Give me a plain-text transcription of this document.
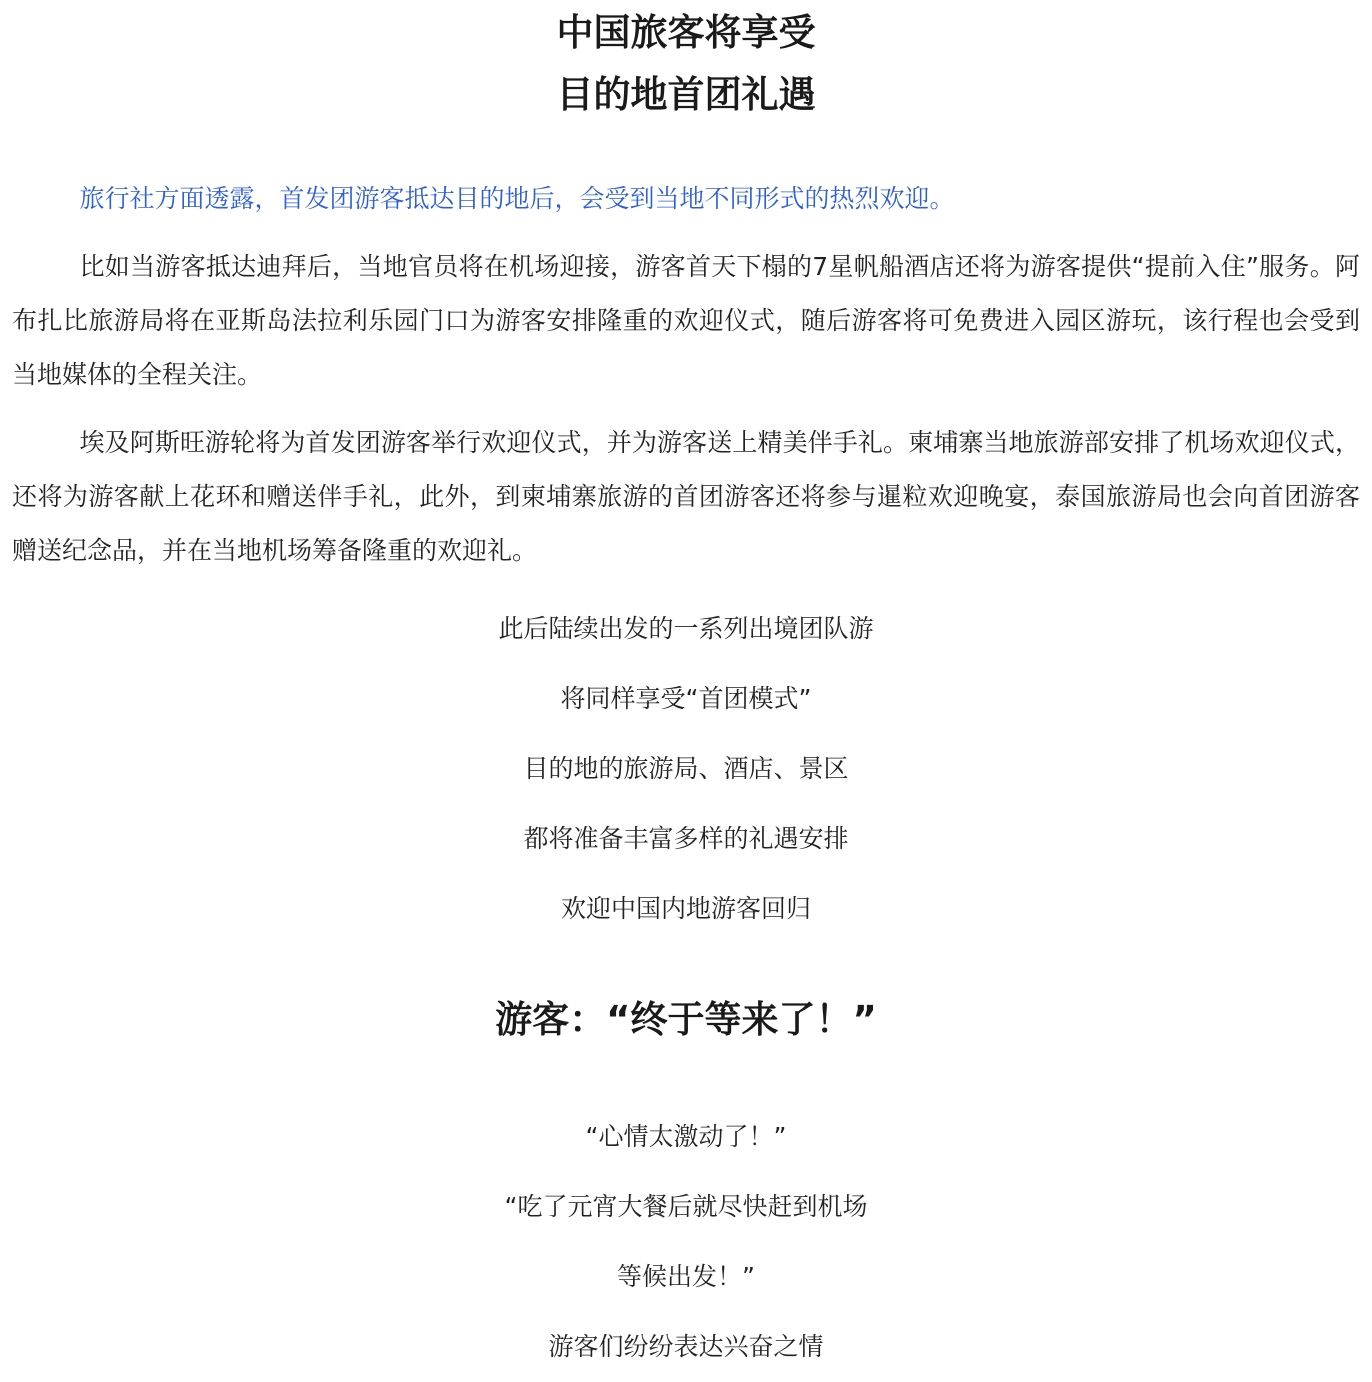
中国旅客将享受
目的地首团礼遇

旅行社方面透露，首发团游客抵达目的地后，会受到当地不同形式的热烈欢迎。

比如当游客抵达迪拜后，当地官员将在机场迎接，游客首天下榻的7星帆船酒店还将为游客提供“提前入住”服务。阿布扎比旅游局将在亚斯岛法拉利乐园门口为游客安排隆重的欢迎仪式，随后游客将可免费进入园区游玩，该行程也会受到当地媒体的全程关注。

埃及阿斯旺游轮将为首发团游客举行欢迎仪式，并为游客送上精美伴手礼。柬埔寨当地旅游部安排了机场欢迎仪式，还将为游客献上花环和赠送伴手礼，此外，到柬埔寨旅游的首团游客还将参与暹粒欢迎晚宴，泰国旅游局也会向首团游客赠送纪念品，并在当地机场筹备隆重的欢迎礼。

此后陆续出发的一系列出境团队游

将同样享受“首团模式”

目的地的旅游局、酒店、景区

都将准备丰富多样的礼遇安排

欢迎中国内地游客回归

游客：“终于等来了！”

“心情太激动了！”

“吃了元宵大餐后就尽快赶到机场

等候出发！”

游客们纷纷表达兴奋之情
